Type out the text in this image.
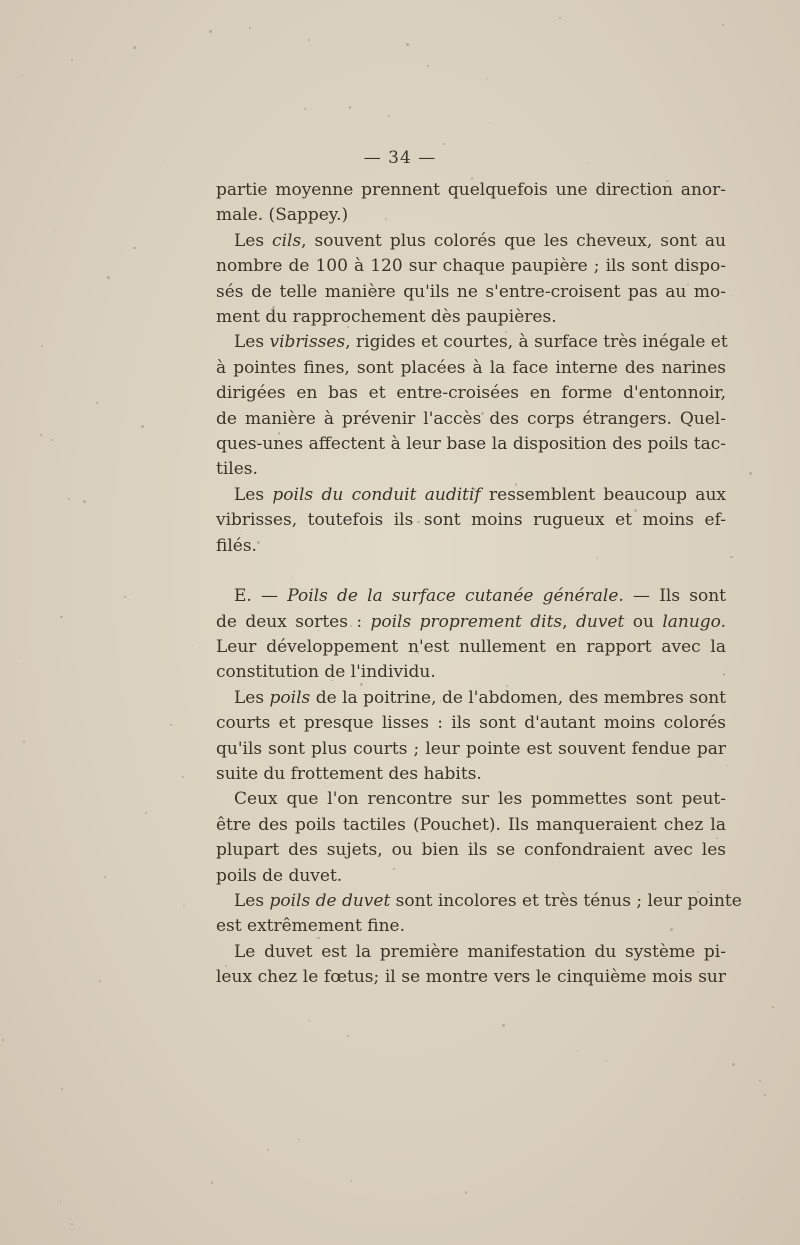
— 34 —
partie moyenne prennent quelquefois une direction anor-
male. (Sappey.)
Les cils, souvent plus colorés que les cheveux, sont au
nombre de 100 à 120 sur chaque paupière ; ils sont dispo-
sés de telle manière qu'ils ne s'entre-croisent pas au mo-
ment du rapprochement dès paupières.
Les vibrisses, rigides et courtes, à surface très inégale et
à pointes fines, sont placées à la face interne des narines
dirigées en bas et entre-croisées en forme d'entonnoir,
de manière à prévenir l'accès des corps étrangers. Quel-
ques-unes affectent à leur base la disposition des poils tac-
tiles.
Les poils du conduit auditif ressemblent beaucoup aux
vibrisses, toutefois ils sont moins rugueux et moins ef-
filés.
E. — Poils de la surface cutanée générale. — Ils sont
de deux sortes : poils proprement dits, duvet ou lanugo.
Leur développement n'est nullement en rapport avec la
constitution de l'individu.
Les poils de la poitrine, de l'abdomen, des membres sont
courts et presque lisses : ils sont d'autant moins colorés
qu'ils sont plus courts ; leur pointe est souvent fendue par
suite du frottement des habits.
Ceux que l'on rencontre sur les pommettes sont peut-
être des poils tactiles (Pouchet). Ils manqueraient chez la
plupart des sujets, ou bien ils se confondraient avec les
poils de duvet.
Les poils de duvet sont incolores et très ténus ; leur pointe
est extrêmement fine.
Le duvet est la première manifestation du système pi-
leux chez le fœtus; il se montre vers le cinquième mois sur
